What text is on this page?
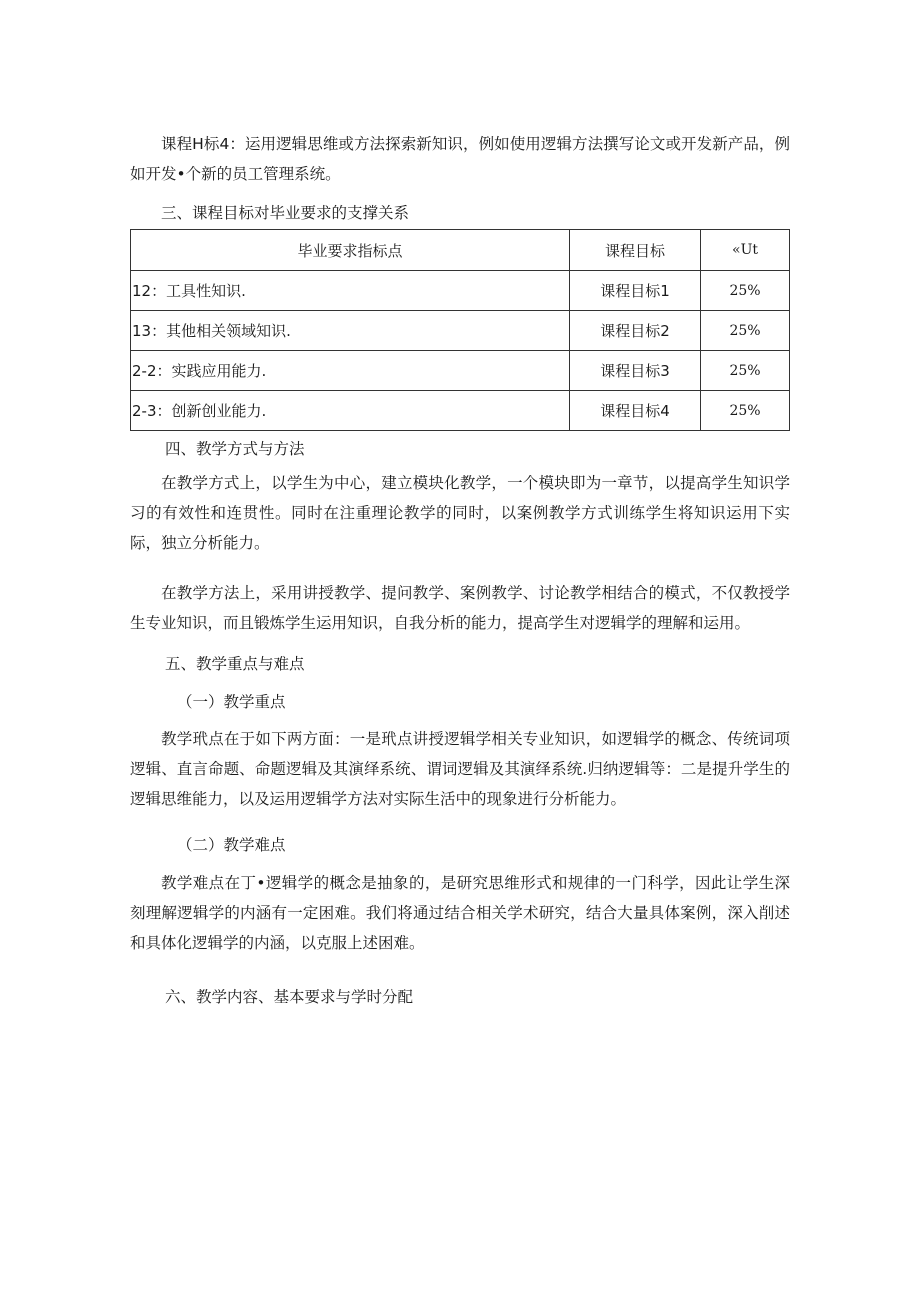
课程H标4：运用逻辑思维或方法探索新知识，例如使用逻辑方法撰写论文或开发新产品，例如开发•个新的员工管理系统。

三、课程目标对毕业要求的支撑关系

毕业要求指标点	课程目标	«Ut
12：工具性知识.	课程目标1	25%
13：其他相关领域知识.	课程目标2	25%
2-2：实践应用能力.	课程目标3	25%
2-3：创新创业能力.	课程目标4	25%

四、教学方式与方法

在教学方式上，以学生为中心，建立模块化教学，一个模块即为一章节，以提高学生知识学习的有效性和连贯性。同时在注重理论教学的同时，以案例教学方式训练学生将知识运用下实际，独立分析能力。

在教学方法上，采用讲授教学、提问教学、案例教学、讨论教学相结合的模式，不仅教授学生专业知识，而且锻炼学生运用知识，自我分析的能力，提高学生对逻辑学的理解和运用。

五、教学重点与难点

（一）教学重点

教学玳点在于如下两方面：一是玳点讲授逻辑学相关专业知识，如逻辑学的概念、传统词项逻辑、直言命题、命题逻辑及其演绎系统、谓词逻辑及其演绎系统.归纳逻辑等：二是提升学生的逻辑思维能力，以及运用逻辑学方法对实际生活中的现象进行分析能力。

（二）教学难点

教学难点在丁•逻辑学的概念是抽象的，是研究思维形式和规律的一门科学，因此让学生深刻理解逻辑学的内涵有一定困难。我们将通过结合相关学术研究，结合大量具体案例，深入削述和具体化逻辑学的内涵，以克服上述困难。

六、教学内容、基本要求与学时分配
